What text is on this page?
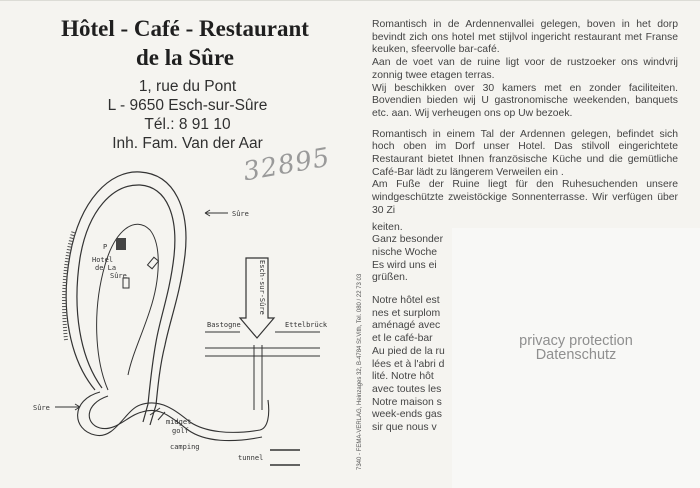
Hôtel - Café - Restaurant
de la Sûre
1, rue du Pont
L - 9650 Esch-sur-Sûre
Tél.: 8 91 10
Inh. Fam. Van der Aar
32895
Sûre
Sûre
Hotel
de La
Sûre
P
Esch-sur-Sûre
Bastogne	Ettelbrück
midget
golf
camping
tunnel	7340 - FEMA-VERLAG, Heinzages 32, B-4784 St.Vith, Tel. 080 / 22 73 03

Romantisch in de Ardennenvallei gelegen, boven in het dorp bevindt zich ons hotel met stijlvol ingericht restaurant met Franse keuken, sfeervolle bar-café.

Aan de voet van de ruine ligt voor de rustzoeker ons windvrij zonnig twee etagen terras.

Wij beschikken over 30 kamers met en zonder faciliteiten. Bovendien bieden wij U gastronomische weekenden, banquets etc. aan. Wij verheugen ons op Uw bezoek.

Romantisch in einem Tal der Ardennen gelegen, befindet sich hoch oben im Dorf unser Hotel. Das stilvoll eingerichtete Restaurant bietet Ihnen französische Küche und die gemütliche Café-Bar lädt zu längerem Verweilen ein .

Am Fuße der Ruine liegt für den Ruhesuchenden unsere windgeschützte zweistöckige Sonnenterrasse. Wir verfügen über 30 Zi

keiten.
Ganz besonder
nische Woche
Es wird uns ei
grüßen.
Notre hôtel est
nes et surplom
aménagé avec
et le café-bar
Au pied de la ru
lées et à l'abri d
lité. Notre hôt
avec toutes les
Notre maison s
week-ends gas
sir que nous v
privacy protection
Datenschutz
